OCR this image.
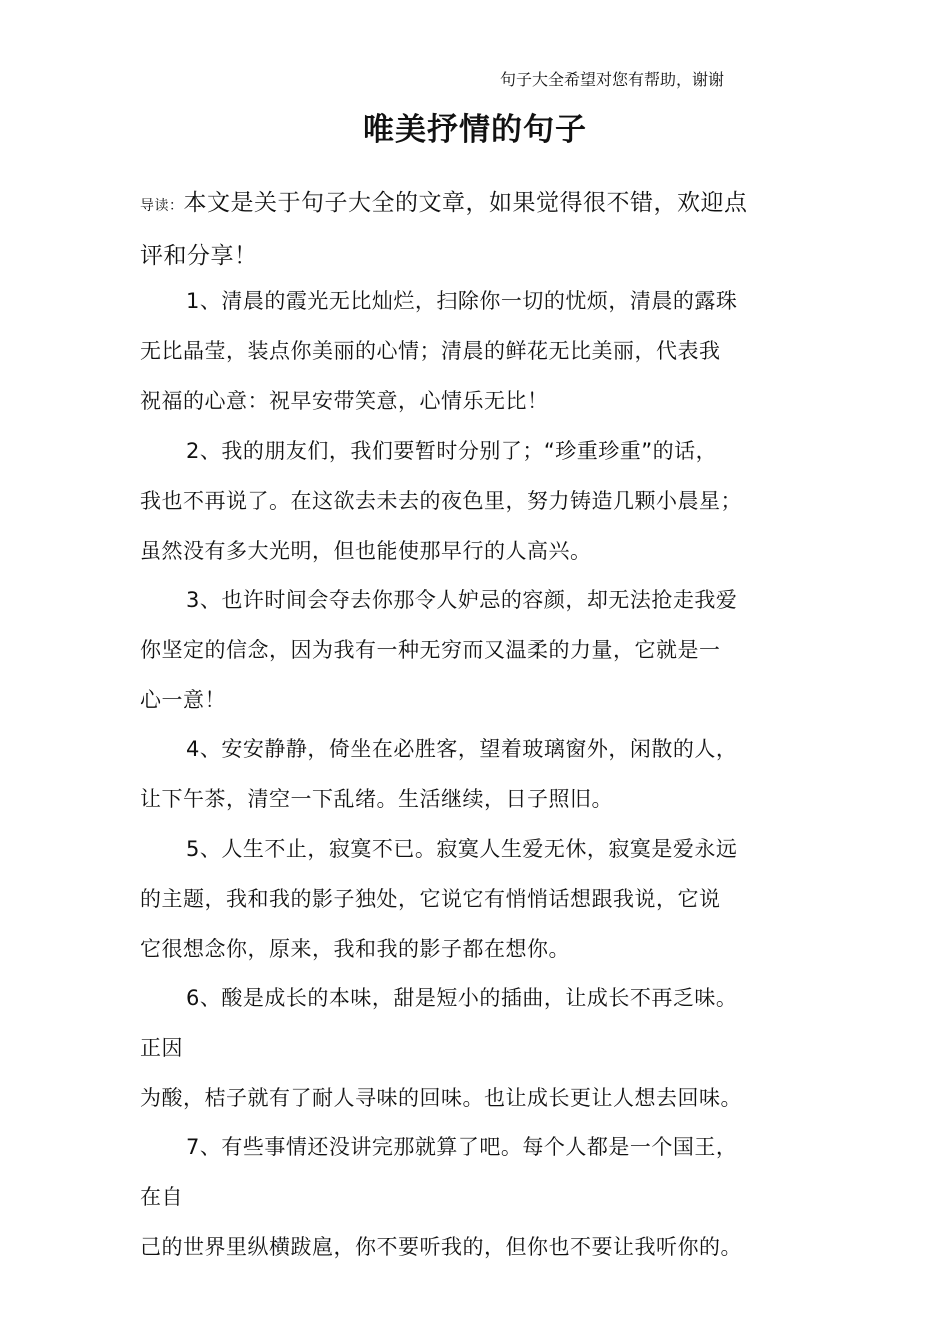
句子大全希望对您有帮助，谢谢
唯美抒情的句子
导读：本文是关于句子大全的文章，如果觉得很不错，欢迎点
评和分享！
1、清晨的霞光无比灿烂，扫除你一切的忧烦，清晨的露珠
无比晶莹，装点你美丽的心情；清晨的鲜花无比美丽，代表我
祝福的心意：祝早安带笑意，心情乐无比！
2、我的朋友们，我们要暂时分别了；“珍重珍重”的话，
我也不再说了。在这欲去未去的夜色里，努力铸造几颗小晨星；
虽然没有多大光明，但也能使那早行的人高兴。
3、也许时间会夺去你那令人妒忌的容颜，却无法抢走我爱
你坚定的信念，因为我有一种无穷而又温柔的力量，它就是一
心一意！
4、安安静静，倚坐在必胜客，望着玻璃窗外，闲散的人，
让下午茶，清空一下乱绪。生活继续，日子照旧。
5、人生不止，寂寞不已。寂寞人生爱无休，寂寞是爱永远
的主题，我和我的影子独处，它说它有悄悄话想跟我说，它说
它很想念你，原来，我和我的影子都在想你。
6、酸是成长的本味，甜是短小的插曲，让成长不再乏味。
正因
为酸，桔子就有了耐人寻味的回味。也让成长更让人想去回味。
7、有些事情还没讲完那就算了吧。每个人都是一个国王，
在自
己的世界里纵横跋扈，你不要听我的，但你也不要让我听你的。
